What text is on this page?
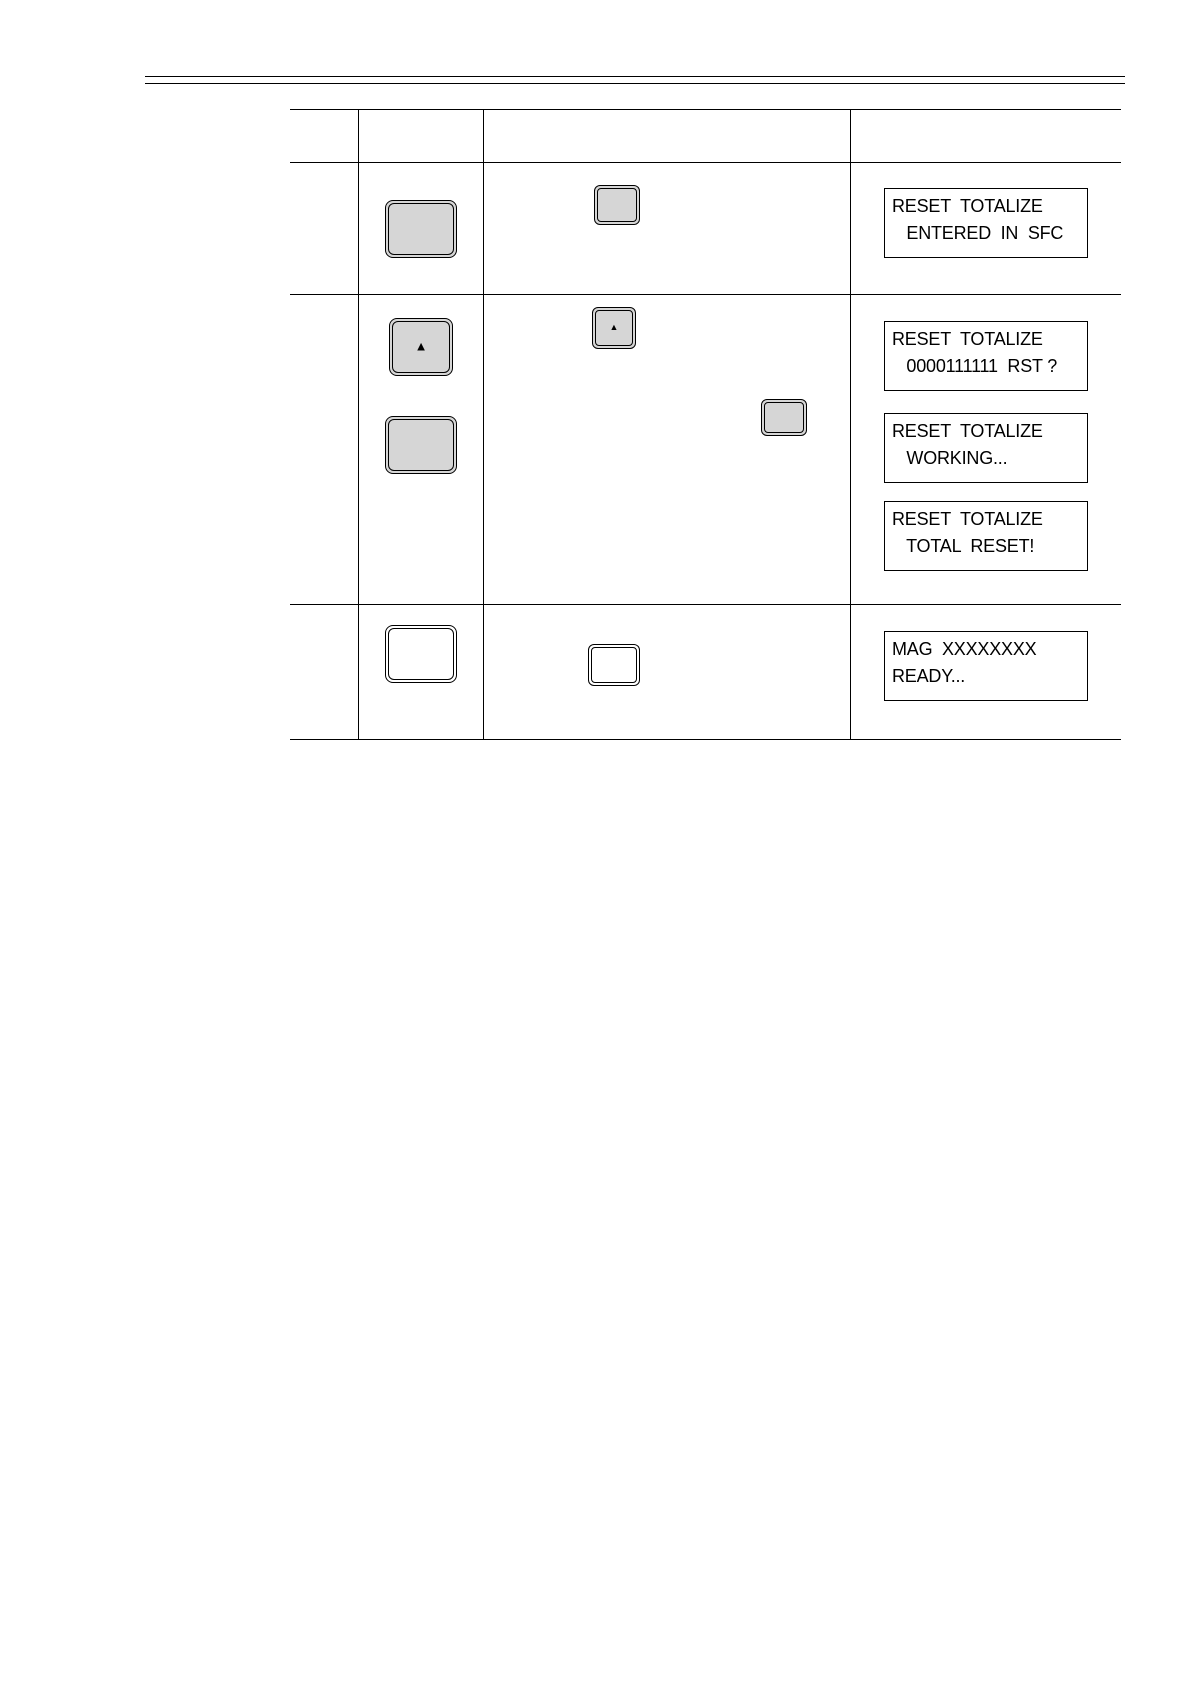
RESET  TOTALIZE
ENTERED  IN  SFC
▲
▲
RESET  TOTALIZE
0000111111  RST ?
RESET  TOTALIZE
WORKING...
RESET  TOTALIZE
TOTAL  RESET!
MAG  XXXXXXXX
READY...
